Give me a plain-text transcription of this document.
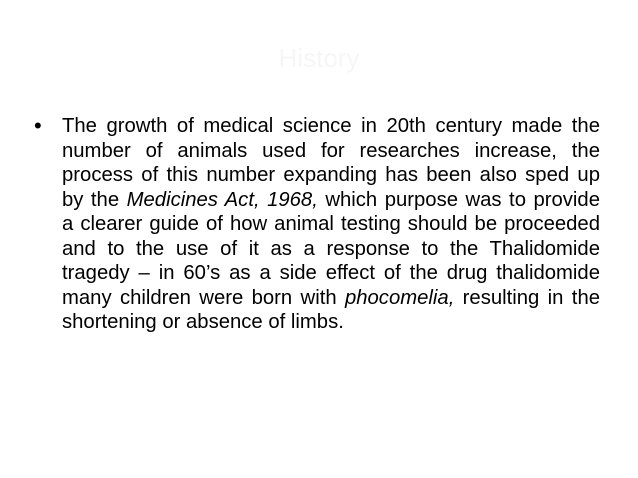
History
• The growth of medical science in 20th century made the number of animals used for researches increase, the process of this number expanding has been also sped up by the Medicines Act, 1968, which purpose was to provide a clearer guide of how animal testing should be proceeded and to the use of it as a response to the Thalidomide tragedy – in 60’s as a side effect of the drug thalidomide many children were born with phocomelia, resulting in the shortening or absence of limbs.
